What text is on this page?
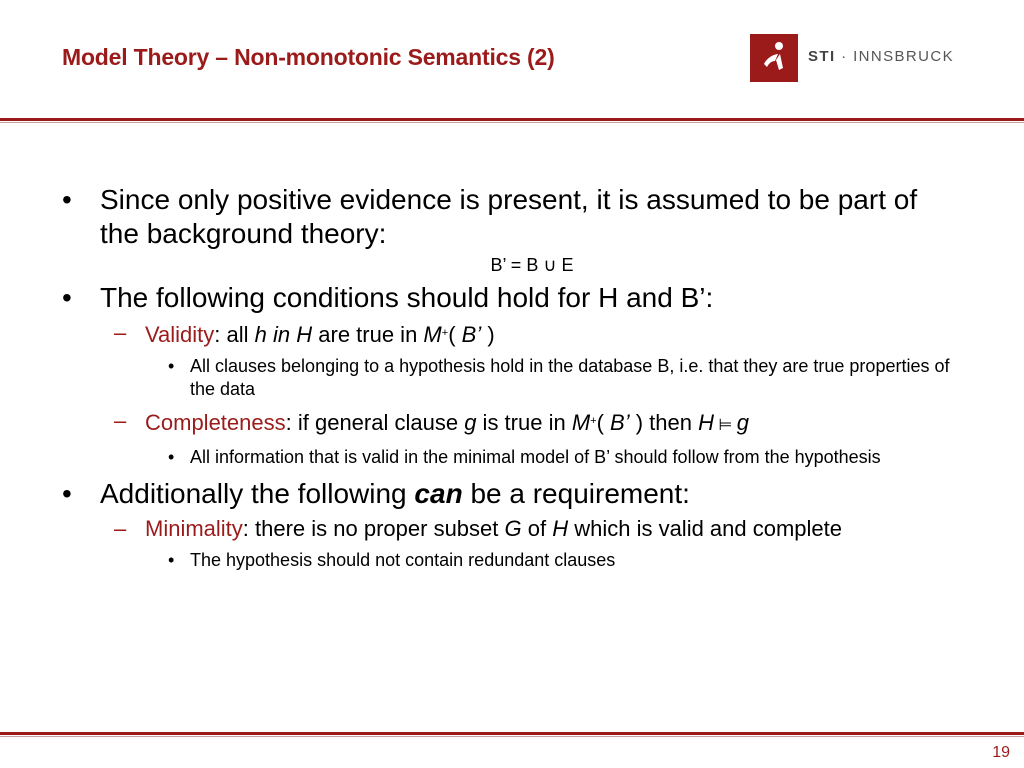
Model Theory – Non-monotonic Semantics (2)	STI · INNSBRUCK

• Since only positive evidence is present, it is assumed to be part of the background theory:

B’ = B ∪ E

• The following conditions should hold for H and B’:

– Validity: all h in H are true in M+( B’ )

• All clauses belonging to a hypothesis hold in the database B, i.e. that they are true properties of the data

– Completeness: if general clause g is true in M+( B’ ) then H ⊨ g

• All information that is valid in the minimal model of B’ should follow from the hypothesis

• Additionally the following can be a requirement:

– Minimality: there is no proper subset G of H which is valid and complete

• The hypothesis should not contain redundant clauses

19
